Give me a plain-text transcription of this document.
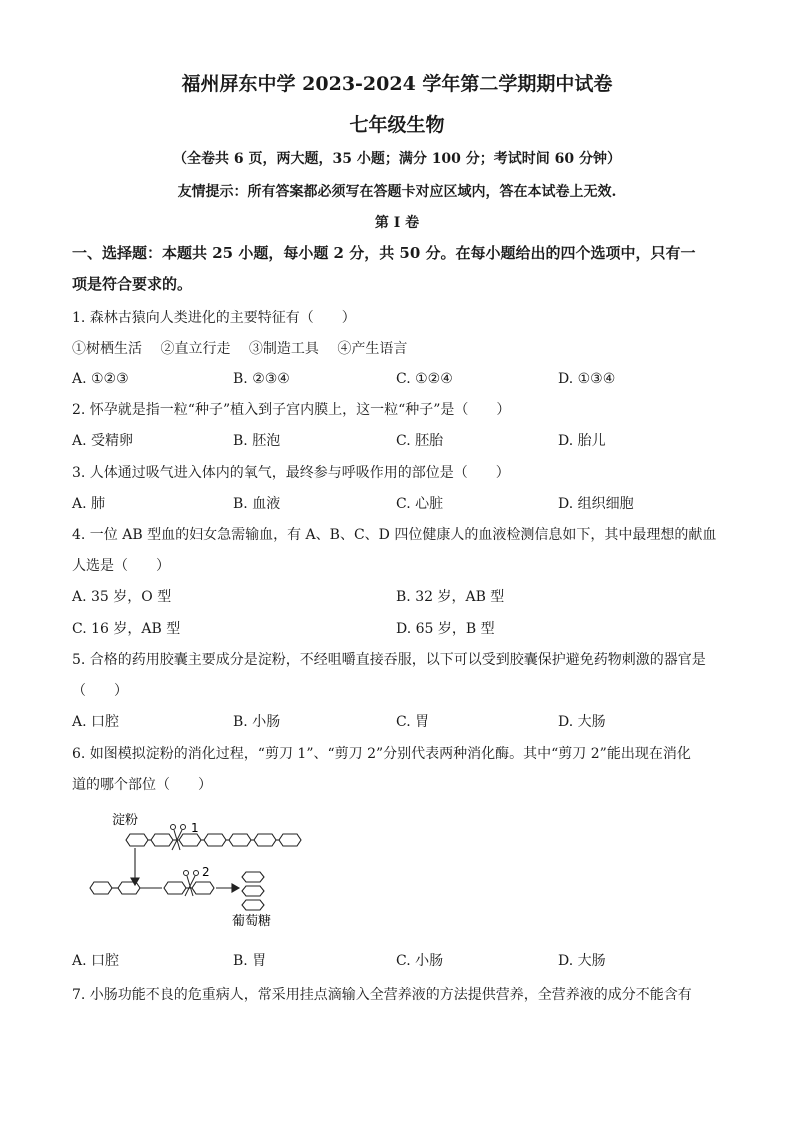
福州屏东中学 2023-2024 学年第二学期期中试卷
七年级生物
（全卷共 6 页，两大题，35 小题；满分 100 分；考试时间 60 分钟）
友情提示：所有答案都必须写在答题卡对应区域内，答在本试卷上无效.
第 I 卷
一、选择题：本题共 25 小题，每小题 2 分，共 50 分。在每小题给出的四个选项中，只有一
项是符合要求的。
1. 森林古猿向人类进化的主要特征有（　　）
①树栖生活　 ②直立行走　 ③制造工具　 ④产生语言
A. ①②③	B. ②③④	C. ①②④	D. ①③④
2. 怀孕就是指一粒“种子”植入到子宫内膜上，这一粒“种子”是（　　）
A. 受精卵	B. 胚泡	C. 胚胎	D. 胎儿
3. 人体通过吸气进入体内的氧气，最终参与呼吸作用的部位是（　　）
A. 肺	B. 血液	C. 心脏	D. 组织细胞
4. 一位 AB 型血的妇女急需输血，有 A、B、C、D 四位健康人的血液检测信息如下，其中最理想的献血
人选是（　　）
A. 35 岁，O 型	B. 32 岁，AB 型
C. 16 岁，AB 型	D. 65 岁，B 型
5. 合格的药用胶囊主要成分是淀粉，不经咀嚼直接吞服，以下可以受到胶囊保护避免药物刺激的器官是
（　　）
A. 口腔	B. 小肠	C. 胃	D. 大肠
6. 如图模拟淀粉的消化过程，“剪刀 1”、“剪刀 2”分别代表两种消化酶。其中“剪刀 2”能出现在消化
道的哪个部位（　　）
淀粉
葡萄糖
1
2
A. 口腔	B. 胃	C. 小肠	D. 大肠
7. 小肠功能不良的危重病人，常采用挂点滴输入全营养液的方法提供营养，全营养液的成分不能含有
